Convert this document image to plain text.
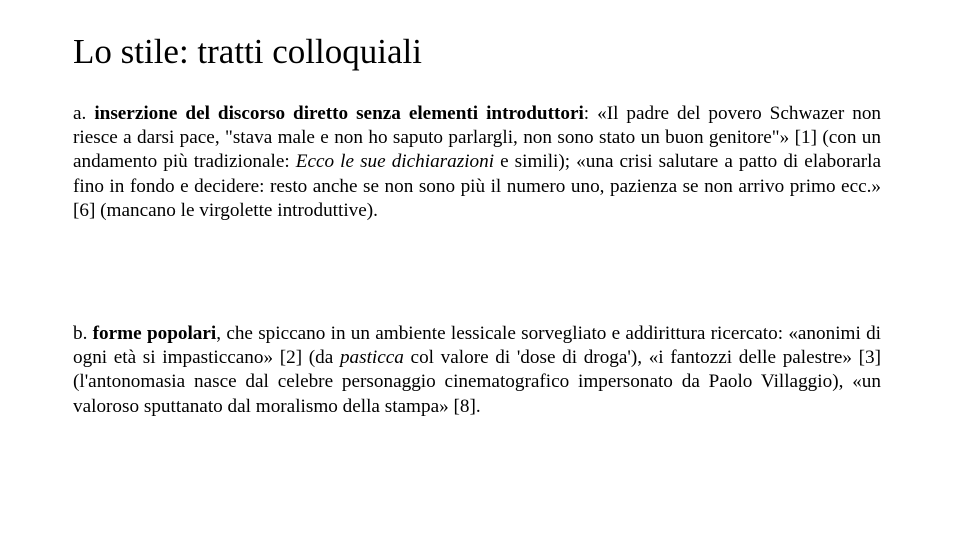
Lo stile: tratti colloquiali

a. inserzione del discorso diretto senza elementi introduttori: «Il padre del povero Schwazer non riesce a darsi pace, "stava male e non ho saputo parlargli, non sono stato un buon genitore"» [1] (con un andamento più tradizionale: Ecco le sue dichiarazioni e simili); «una crisi salutare a patto di elaborarla fino in fondo e decidere: resto anche se non sono più il numero uno, pazienza se non arrivo primo ecc.» [6] (mancano le virgolette introduttive).

b. forme popolari, che spiccano in un ambiente lessicale sorvegliato e addirittura ricercato: «anonimi di ogni età si impasticcano» [2] (da pasticca col valore di 'dose di droga'), «i fantozzi delle palestre» [3] (l'antonomasia nasce dal celebre personaggio cinematografico impersonato da Paolo Villaggio), «un valoroso sputtanato dal moralismo della stampa» [8].
